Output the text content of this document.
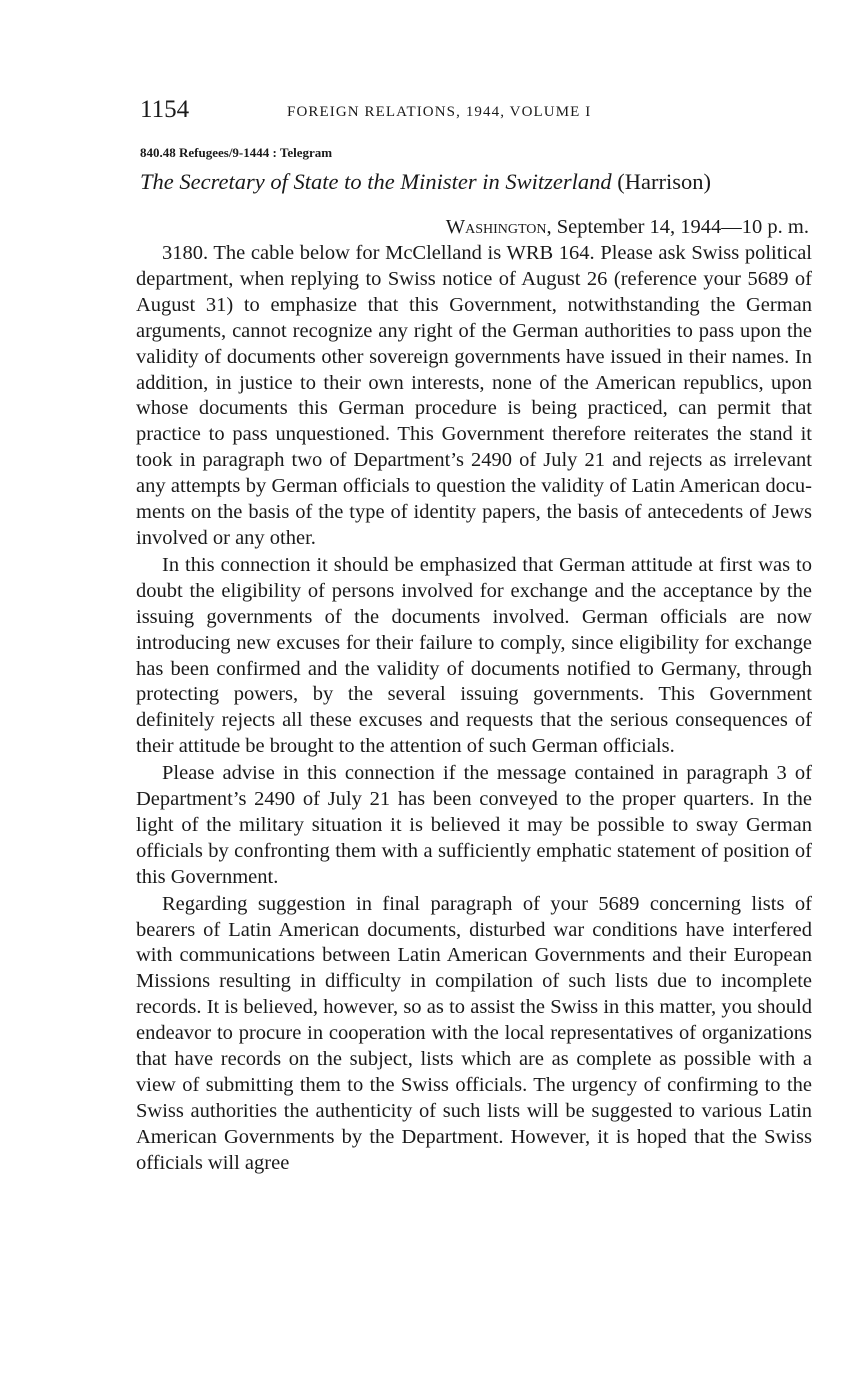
1154	FOREIGN RELATIONS, 1944, VOLUME I
840.48 Refugees/9-1444 : Telegram
The Secretary of State to the Minister in Switzerland (Harrison)
Washington, September 14, 1944—10 p. m.

3180. The cable below for McClelland is WRB 164. Please ask Swiss political department, when replying to Swiss notice of August 26 (reference your 5689 of August 31) to emphasize that this Government, notwithstanding the German arguments, cannot recognize any right of the German authorities to pass upon the validity of documents other sovereign governments have issued in their names. In addition, in justice to their own interests, none of the American republics, upon whose documents this German procedure is being practiced, can permit that practice to pass unquestioned. This Government therefore reiterates the stand it took in paragraph two of Department’s 2490 of July 21 and rejects as irrelevant any attempts by German officials to question the validity of Latin American documents on the basis of the type of identity papers, the basis of antecedents of Jews involved or any other.

In this connection it should be emphasized that German attitude at first was to doubt the eligibility of persons involved for exchange and the acceptance by the issuing governments of the documents involved. German officials are now introducing new excuses for their failure to comply, since eligibility for exchange has been confirmed and the validity of documents notified to Germany, through protecting powers, by the several issuing governments. This Government definitely rejects all these excuses and requests that the serious consequences of their attitude be brought to the attention of such German officials.

Please advise in this connection if the message contained in paragraph 3 of Department’s 2490 of July 21 has been conveyed to the proper quarters. In the light of the military situation it is believed it may be possible to sway German officials by confronting them with a sufficiently emphatic statement of position of this Government.

Regarding suggestion in final paragraph of your 5689 concerning lists of bearers of Latin American documents, disturbed war conditions have interfered with communications between Latin American Governments and their European Missions resulting in difficulty in compilation of such lists due to incomplete records. It is believed, however, so as to assist the Swiss in this matter, you should endeavor to procure in cooperation with the local representatives of organizations that have records on the subject, lists which are as complete as possible with a view of submitting them to the Swiss officials. The urgency of confirming to the Swiss authorities the authenticity of such lists will be suggested to various Latin American Governments by the Department. However, it is hoped that the Swiss officials will agree
